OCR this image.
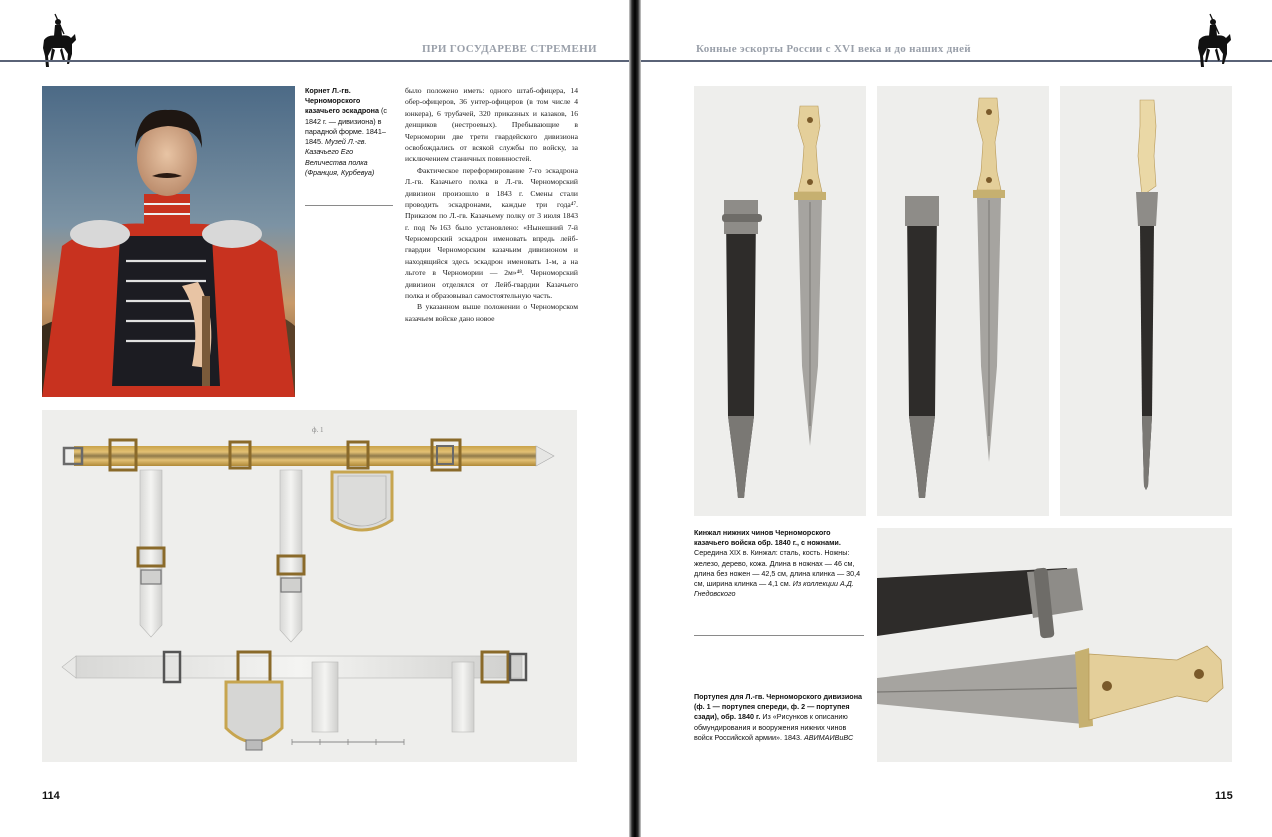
ПРИ ГОСУДАРЕВЕ СТРЕМЕНИ
Корнет Л.-гв. Черноморского казачьего эскадрона (с 1842 г. — дивизиона) в парадной форме. 1841–1845. Музей Л.-гв. Казачьего Его Величества полка (Франция, Курбевуа)

было положено иметь: одного штаб-офицера, 14 обер-офицеров, 36 унтер-офицеров (в том числе 4 юнкера), 6 трубачей, 320 приказных и казаков, 16 денщиков (нестроевых). Пребывающие в Черномории две трети гвардейского дивизиона освобождались от всякой службы по войску, за исключением станичных повинностей.

Фактическое переформирование 7-го эскадрона Л.-гв. Казачьего полка в Л.-гв. Черноморский дивизион произошло в 1843 г. Смены стали проводить эскадронами, каждые три года⁴⁷. Приказом по Л.-гв. Казачьему полку от 3 июля 1843 г. под №163 было установлено: «Нынешний 7-й Черноморский эскадрон именовать впредь лейб-гвардии Черноморским казачьим дивизионом и находящийся здесь эскадрон именовать 1-м, а на льготе в Черномории — 2м»⁴⁸. Черноморский дивизион отделялся от Лейб-гвардии Казачьего полка и образовывал самостоятельную часть.

В указанном выше положении о Черноморском казачьем войске дано новое

ф. 1
114
Конные эскорты России с XVI века и до наших дней
Кинжал нижних чинов Черноморского казачьего войска обр. 1840 г., с ножнами. Середина XIX в. Кинжал: сталь, кость. Ножны: железо, дерево, кожа. Длина в ножнах — 46 см, длина без ножен — 42,5 см, длина клинка — 30,4 см, ширина клинка — 4,1 см. Из коллекции А.Д. Гнедовского
Портупея для Л.-гв. Черноморского дивизиона (ф. 1 — портупея спереди, ф. 2 — портупея сзади), обр. 1840 г. Из «Рисунков к описанию обмундирования и вооружения нижних чинов войск Российской армии». 1843. АВИМАИВиВС
115
